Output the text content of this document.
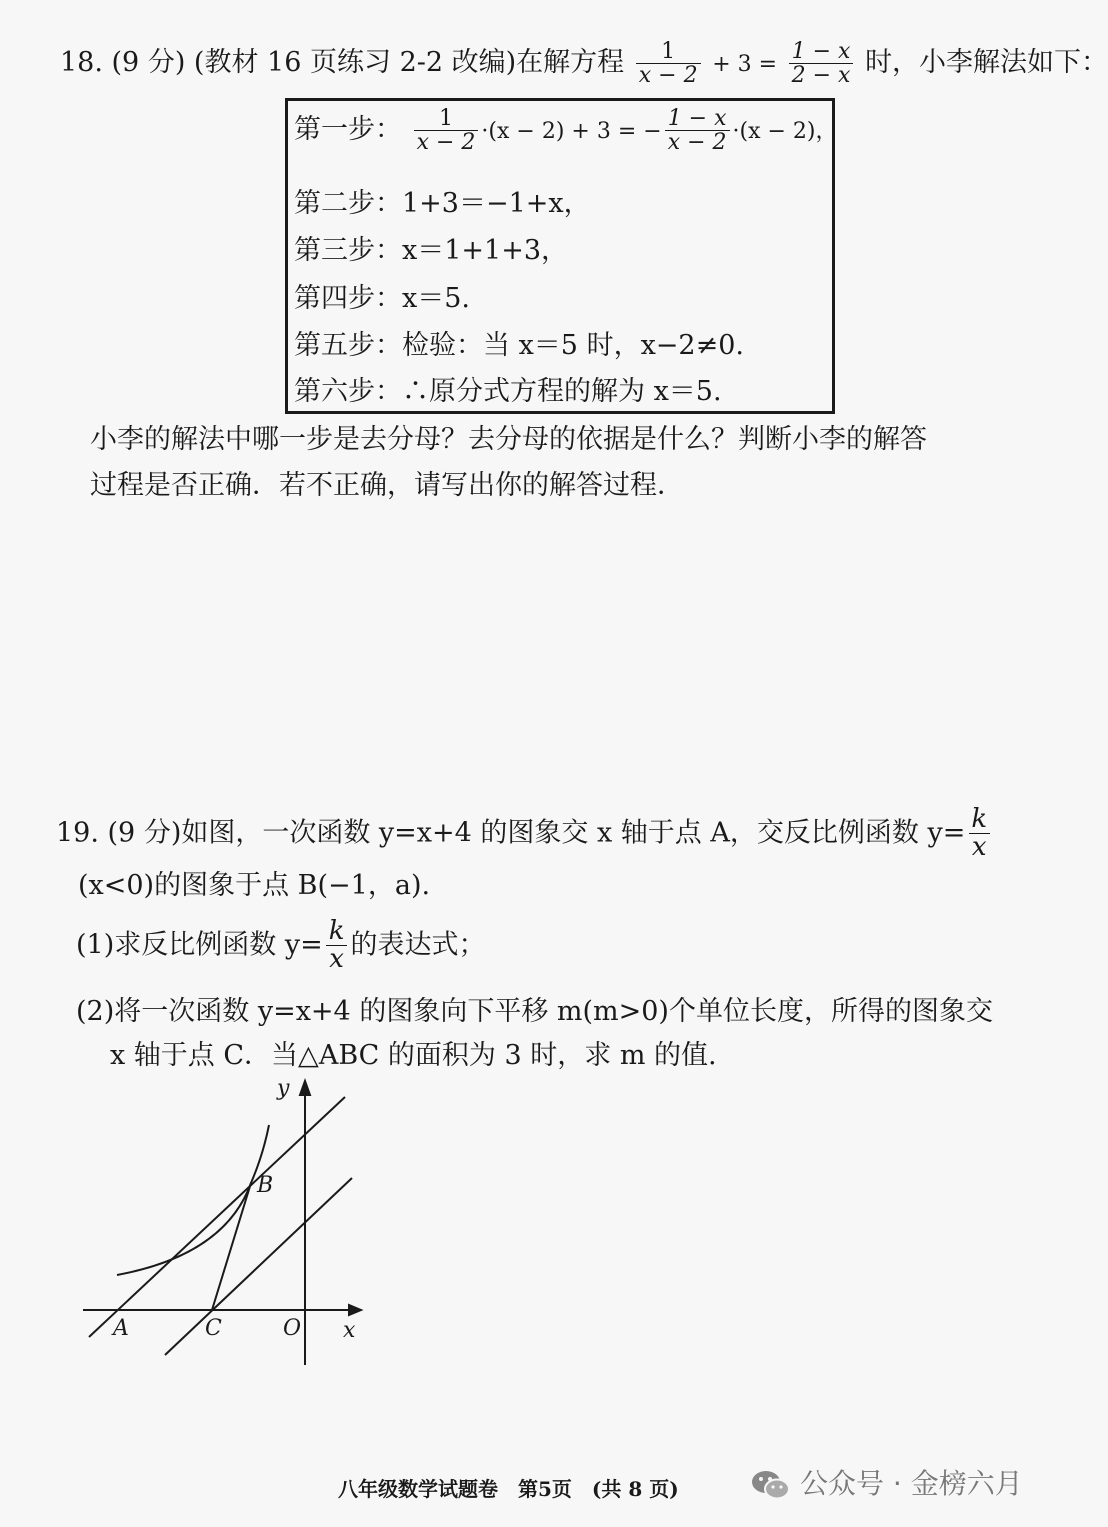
18. (9 分) (教材 16 页练习 2-2 改编)在解方程 $\frac{1}{x - 2} + 3 = \frac{1 - x}{2 - x}$ 时，小李解法如下：
第一步： $\frac{1}{x - 2} \cdot(x - 2) + 3$ = − $\frac{1 - x}{x - 2} \cdot(x - 2)$，
第二步：1+3＝−1+x，
第三步：x＝1+1+3，
第四步：x＝5.
第五步：检验：当 x＝5 时，x−2≠0.
第六步：∴原分式方程的解为 x＝5.
小李的解法中哪一步是去分母？去分母的依据是什么？判断小李的解答
过程是否正确．若不正确，请写出你的解答过程．
19. (9 分)如图，一次函数 y=x+4 的图象交 x 轴于点 A，交反比例函数 $y= \frac{k}{x}$
(x<0)的图象于点 B(−1，a).
(1)求反比例函数 $y= \frac{k}{x}$ 的表达式；
(2)将一次函数 y=x+4 的图象向下平移 m(m>0)个单位长度，所得的图象交
x 轴于点 C．当△ABC 的面积为 3 时，求 m 的值.
y
x
A
B
C	O
八年级数学试题卷　第5页　(共 8 页)	公众号 · 金榜六月
